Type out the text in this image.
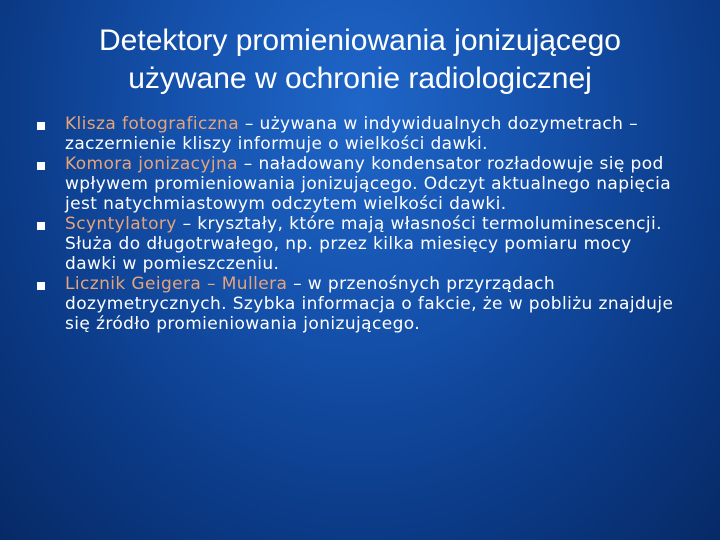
Detektory promieniowania jonizującego
używane w ochronie radiologicznej
Klisza fotograficzna – używana w indywidualnych dozymetrach – zaczernienie kliszy informuje o wielkości dawki.
Komora jonizacyjna – naładowany kondensator rozładowuje się pod wpływem promieniowania jonizującego. Odczyt aktualnego napięcia jest natychmiastowym odczytem wielkości dawki.
Scyntylatory – kryształy, które mają własności termoluminescencji. Służa do długotrwałego, np. przez kilka miesięcy pomiaru mocy dawki w pomieszczeniu.
Licznik Geigera – Mullera – w przenośnych przyrządach dozymetrycznych. Szybka informacja o fakcie, że w pobliżu znajduje się źródło promieniowania jonizującego.
